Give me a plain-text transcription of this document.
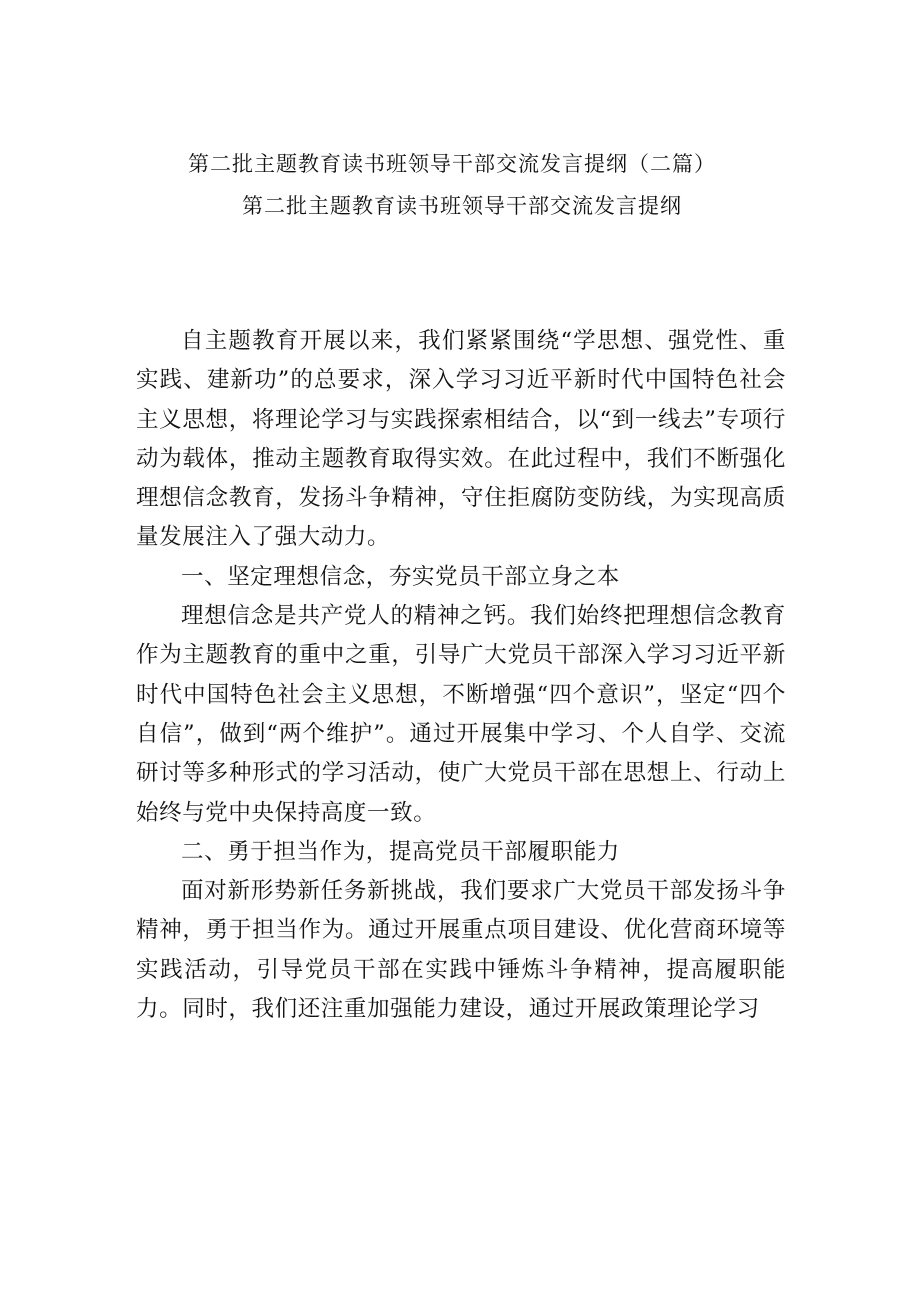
第二批主题教育读书班领导干部交流发言提纲（二篇）
第二批主题教育读书班领导干部交流发言提纲

自主题教育开展以来，我们紧紧围绕“学思想、强党性、重实践、建新功”的总要求，深入学习习近平新时代中国特色社会主义思想，将理论学习与实践探索相结合，以“到一线去”专项行动为载体，推动主题教育取得实效。在此过程中，我们不断强化理想信念教育，发扬斗争精神，守住拒腐防变防线，为实现高质量发展注入了强大动力。

一、坚定理想信念，夯实党员干部立身之本

理想信念是共产党人的精神之钙。我们始终把理想信念教育作为主题教育的重中之重，引导广大党员干部深入学习习近平新时代中国特色社会主义思想，不断增强“四个意识”，坚定“四个自信”，做到“两个维护”。通过开展集中学习、个人自学、交流研讨等多种形式的学习活动，使广大党员干部在思想上、行动上始终与党中央保持高度一致。

二、勇于担当作为，提高党员干部履职能力

面对新形势新任务新挑战，我们要求广大党员干部发扬斗争精神，勇于担当作为。通过开展重点项目建设、优化营商环境等实践活动，引导党员干部在实践中锤炼斗争精神，提高履职能力。同时，我们还注重加强能力建设，通过开展政策理论学习
